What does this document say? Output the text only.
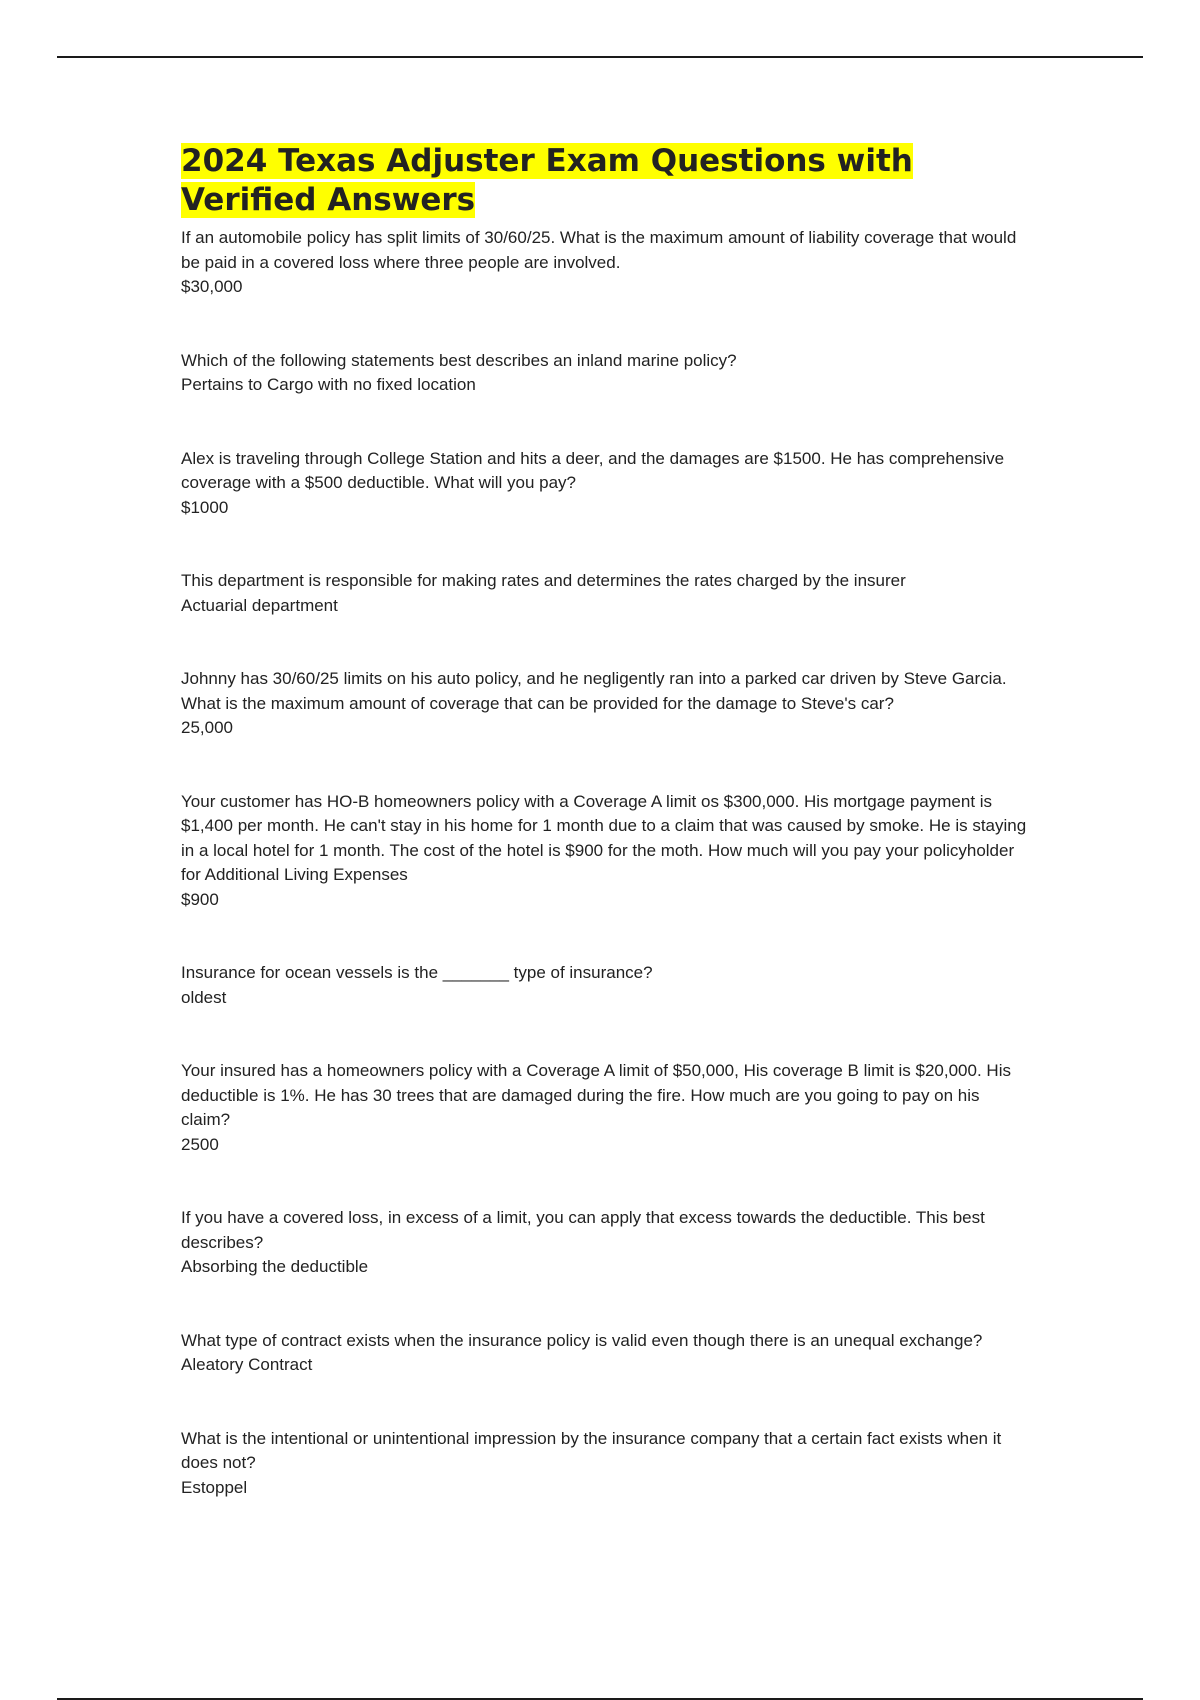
2024 Texas Adjuster Exam Questions with Verified Answers

If an automobile policy has split limits of 30/60/25. What is the maximum amount of liability coverage that would be paid in a covered loss where three people are involved.

$30,000

Which of the following statements best describes an inland marine policy?

Pertains to Cargo with no fixed location

Alex is traveling through College Station and hits a deer, and the damages are $1500. He has comprehensive coverage with a $500 deductible. What will you pay?

$1000

This department is responsible for making rates and determines the rates charged by the insurer

Actuarial department

Johnny has 30/60/25 limits on his auto policy, and he negligently ran into a parked car driven by Steve Garcia. What is the maximum amount of coverage that can be provided for the damage to Steve's car?

25,000

Your customer has HO-B homeowners policy with a Coverage A limit os $300,000. His mortgage payment is $1,400 per month. He can't stay in his home for 1 month due to a claim that was caused by smoke. He is staying in a local hotel for 1 month. The cost of the hotel is $900 for the moth. How much will you pay your policyholder for Additional Living Expenses

$900

Insurance for ocean vessels is the _______ type of insurance?

oldest

Your insured has a homeowners policy with a Coverage A limit of $50,000, His coverage B limit is $20,000. His deductible is 1%. He has 30 trees that are damaged during the fire. How much are you going to pay on his claim?

2500

If you have a covered loss, in excess of a limit, you can apply that excess towards the deductible. This best describes?

Absorbing the deductible

What type of contract exists when the insurance policy is valid even though there is an unequal exchange?

Aleatory Contract

What is the intentional or unintentional impression by the insurance company that a certain fact exists when it does not?

Estoppel
